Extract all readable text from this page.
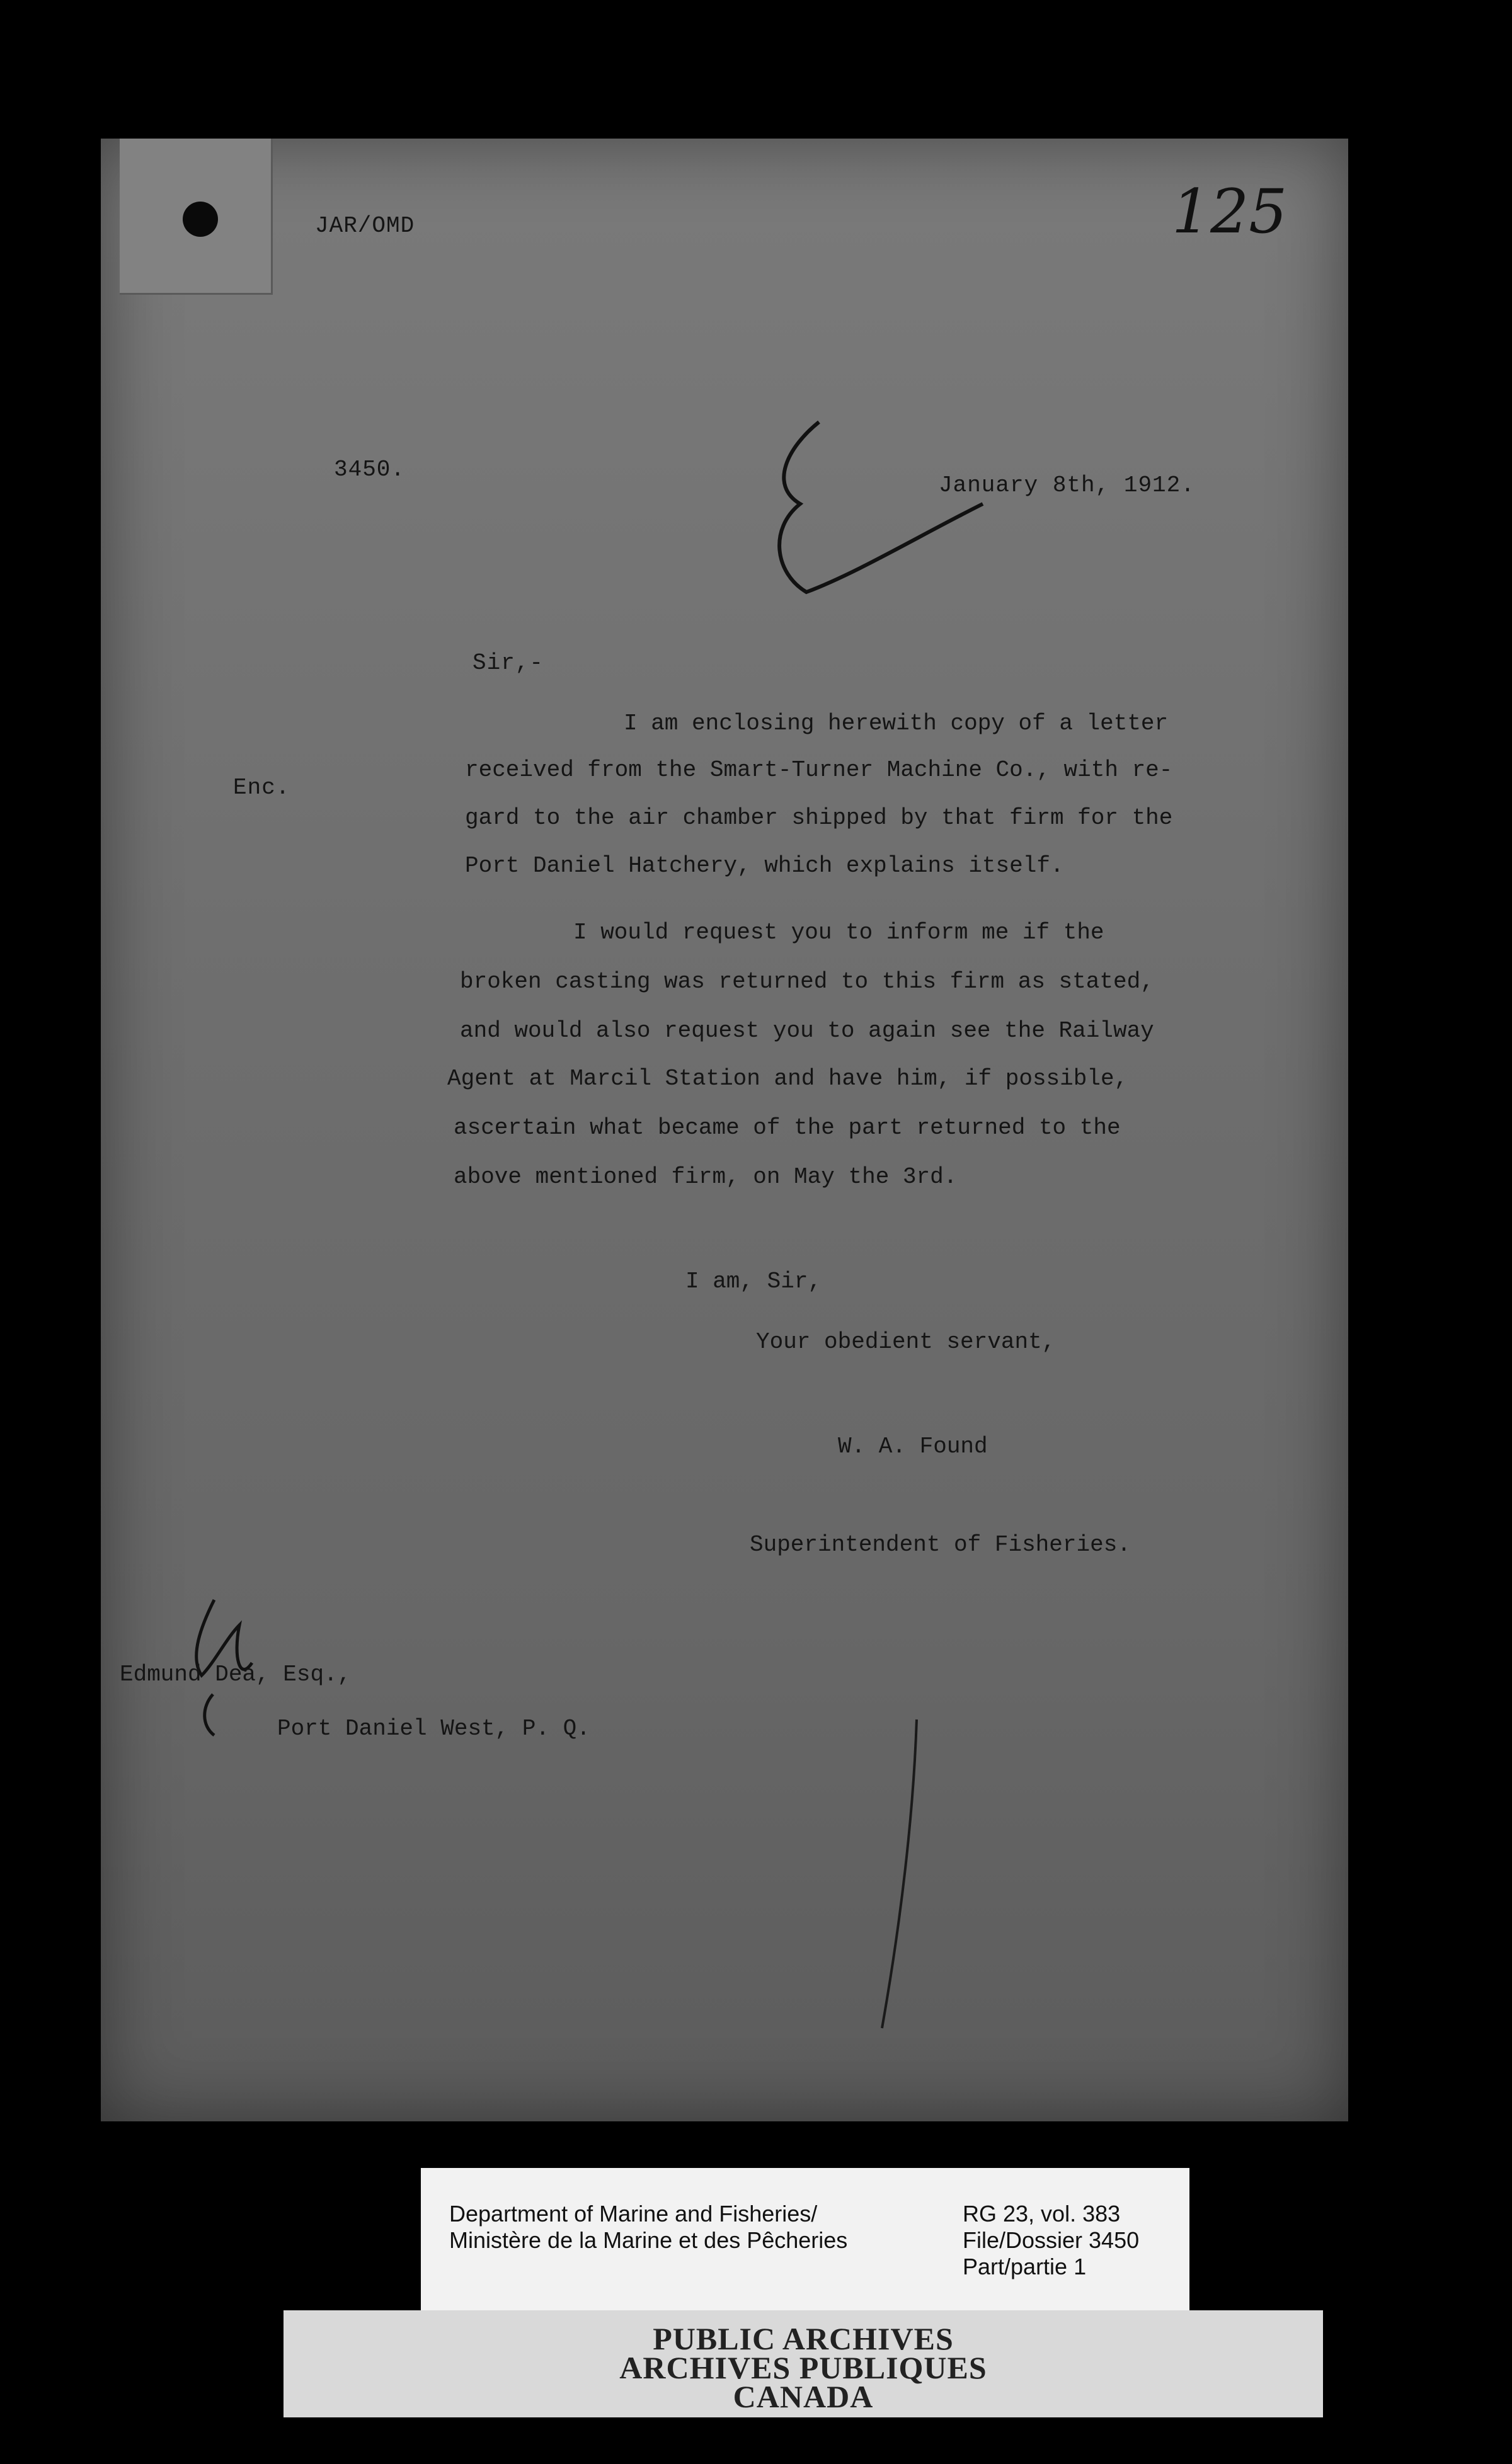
JAR/OMD	125
3450.
January 8th, 1912.
Sir,-
Enc.
I am enclosing herewith copy of a letter
received from the Smart-Turner Machine Co., with re-
gard to the air chamber shipped by that firm for the
Port Daniel Hatchery, which explains itself.
I would request you to inform me if the
broken casting was returned to this firm as stated,
and would also request you to again see the Railway
Agent at Marcil Station and have him, if possible,
ascertain what became of the part returned to the
above mentioned firm, on May the 3rd.
I am, Sir,
Your obedient servant,
W. A. Found
Superintendent of Fisheries.
Edmund Dea, Esq.,
Port Daniel West, P. Q.
Department of Marine and Fisheries/
Ministère de la Marine et des Pêcheries
RG 23, vol. 383
File/Dossier 3450
Part/partie 1
PUBLIC ARCHIVES
ARCHIVES PUBLIQUES
CANADA
